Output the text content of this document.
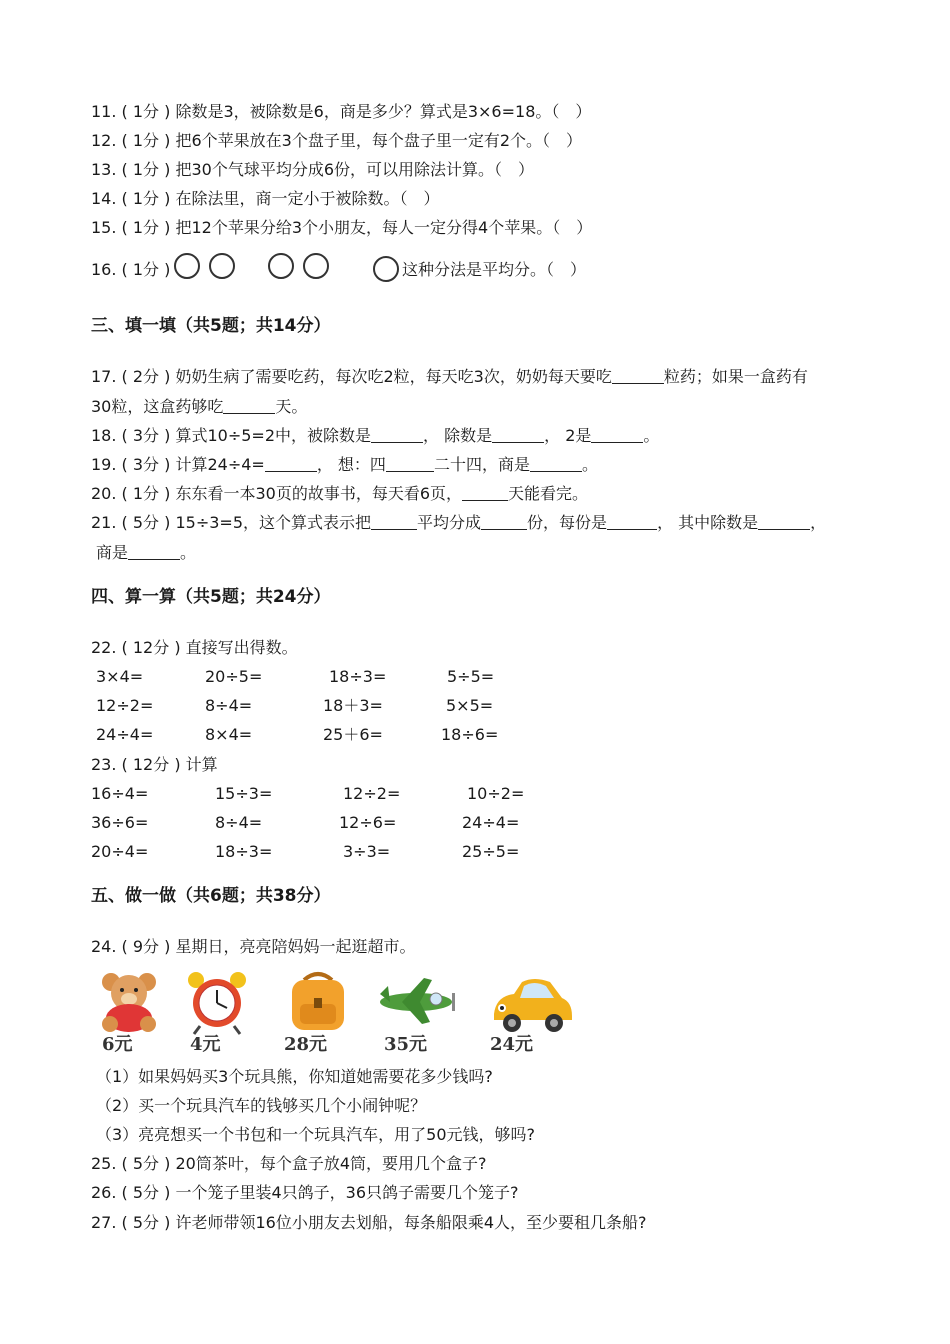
11. ( 1分 ) 除数是3，被除数是6，商是多少？算式是3×6=18。（　）
12. ( 1分 ) 把6个苹果放在3个盘子里，每个盘子里一定有2个。（　）
13. ( 1分 ) 把30个气球平均分成6份，可以用除法计算。（　）
14. ( 1分 ) 在除法里，商一定小于被除数。（　）
15. ( 1分 ) 把12个苹果分给3个小朋友，每人一定分得4个苹果。（　）
16. ( 1分 )	这种分法是平均分。（　）
三、填一填（共5题；共14分）
17. ( 2分 ) 奶奶生病了需要吃药，每次吃2粒，每天吃3次，奶奶每天要吃	粒药；如果一盒药有
30粒，这盒药够吃	天。
18. ( 3分 ) 算式10÷5=2中，被除数是	， 除数是	， 2是	。
19. ( 3分 ) 计算24÷4=	， 想：四	二十四，商是	。
20. ( 1分 ) 东东看一本30页的故事书，每天看6页，	天能看完。
21. ( 5分 ) 15÷3=5，这个算式表示把	平均分成	份，每份是	， 其中除数是	，
商是	。
四、算一算（共5题；共24分）
22. ( 12分 ) 直接写出得数。
3×4=	20÷5=	18÷3=	5÷5=
12÷2=	8÷4=	18＋3=	5×5=
24÷4=	8×4=	25＋6=	18÷6=
23. ( 12分 ) 计算
16÷4=	15÷3=	12÷2=	10÷2=
36÷6=	8÷4=	12÷6=	24÷4=
20÷4=	18÷3=	3÷3=	25÷5=
五、做一做（共6题；共38分）
24. ( 9分 ) 星期日，亮亮陪妈妈一起逛超市。
6元	4元	28元	35元	24元
（1）如果妈妈买3个玩具熊，你知道她需要花多少钱吗?
（2）买一个玩具汽车的钱够买几个小闹钟呢？
（3）亮亮想买一个书包和一个玩具汽车，用了50元钱，够吗?
25. ( 5分 ) 20筒茶叶，每个盒子放4筒，要用几个盒子?
26. ( 5分 ) 一个笼子里装4只鸽子，36只鸽子需要几个笼子?
27. ( 5分 ) 许老师带领16位小朋友去划船，每条船限乘4人，至少要租几条船?
